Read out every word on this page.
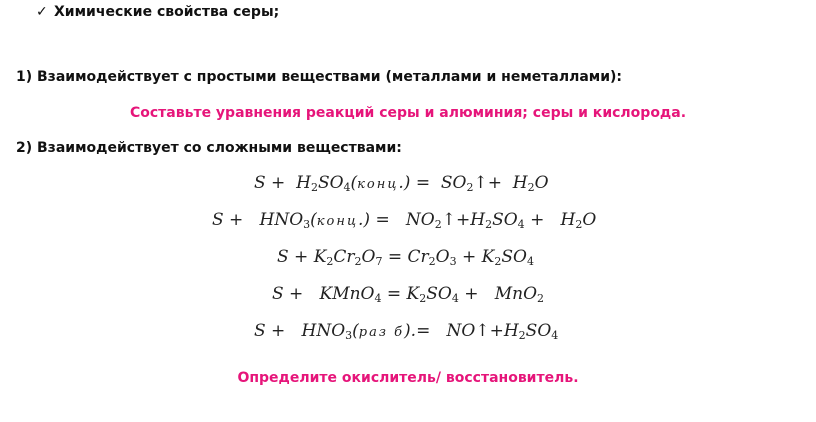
✓ Химические свойства серы;
1) Взаимодействует с простыми веществами (металлами и неметаллами):
Составьте уравнения реакций серы и алюминия; серы и кислорода.
2) Взаимодействует со сложными веществами:
$S + H_2SO_4(конц.)$ =  $SO_2↑+ H_2O$
$S + HNO_3(конц.)$ =   $NO_2↑+H_2SO_4 + H_2O$
$S + K_2Cr_2O_7 = Cr_2O_3 + K_2SO_4$
S +   KMnO$_4$ = $K_2SO_4 + MnO_2$
$S + HNO_3(раз$ $б).= NO↑+H_2SO_4$
Определите окислитель/ восстановитель.
